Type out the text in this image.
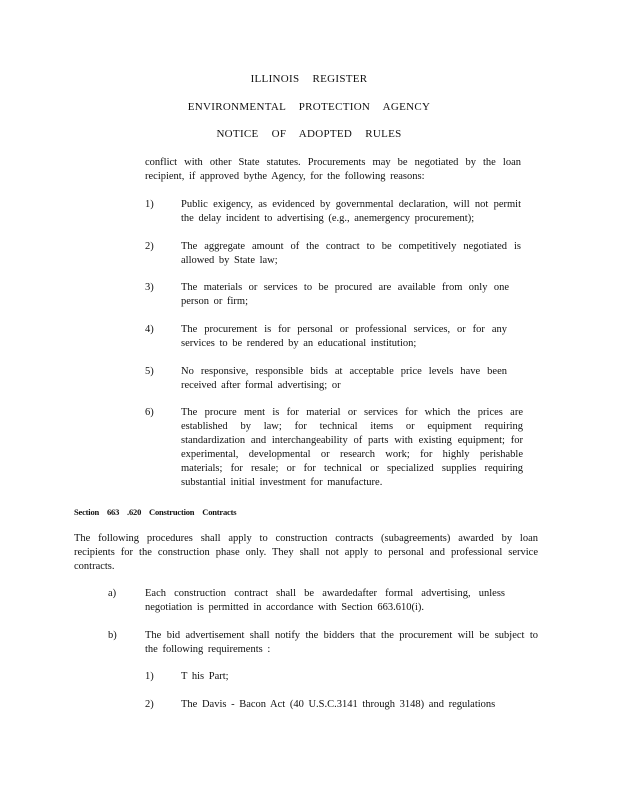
ILLINOIS REGISTER
ENVIRONMENTAL PROTECTION AGENCY
NOTICE OF ADOPTED RULES
conflict with other State statutes. Procurements may be negotiated by the loan recipient, if approved bythe Agency, for the following reasons:
1)	Public exigency, as evidenced by governmental declaration, will not permit the delay incident to advertising (e.g., anemergency procurement);
2)	The aggregate amount of the contract to be competitively negotiated is allowed by State law;
3)	The materials or services to be procured are available from only one person or firm;
4)	The procurement is for personal or professional services, or for any services to be rendered by an educational institution;
5)	No responsive, responsible bids at acceptable price levels have been received after formal advertising; or
6)	The procure ment is for material or services for which the prices are established by law; for technical items or equipment requiring standardization and interchangeability of parts with existing equipment; for experimental, developmental or research work; for highly perishable materials; for resale; or for technical or specialized supplies requiring substantial initial investment for manufacture.
Section 663 .620 Construction Contracts
The following procedures shall apply to construction contracts (subagreements) awarded by loan recipients for the construction phase only. They shall not apply to personal and professional service contracts.
a)	Each construction contract shall be awardedafter formal advertising, unless negotiation is permitted in accordance with Section 663.610(i).
b)	The bid advertisement shall notify the bidders that the procurement will be subject to the following requirements :
1)	T his Part;
2)	The Davis - Bacon Act (40 U.S.C.3141 through 3148) and regulations
